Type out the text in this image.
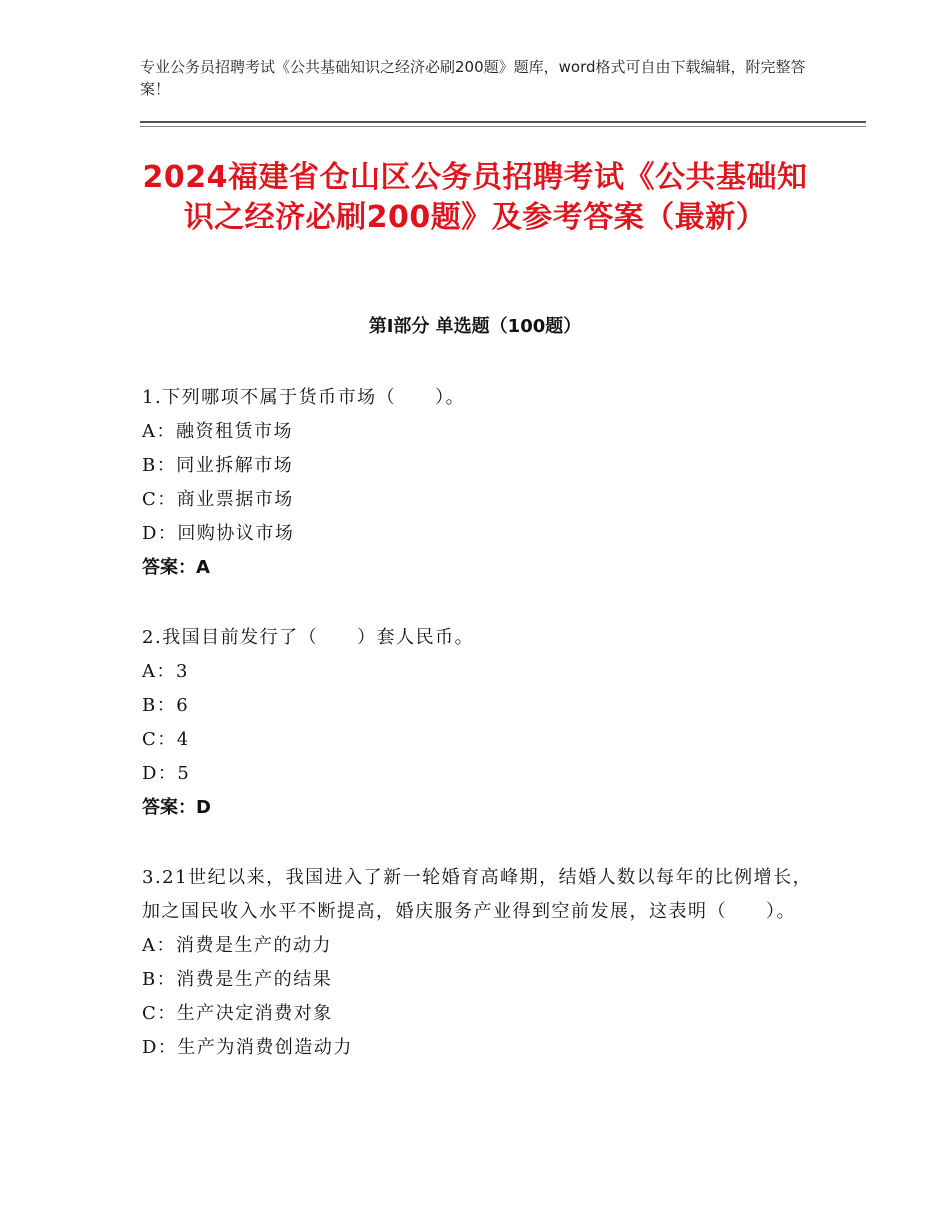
专业公务员招聘考试《公共基础知识之经济必刷200题》题库，word格式可自由下载编辑，附完整答案！
2024福建省仓山区公务员招聘考试《公共基础知识之经济必刷200题》及参考答案（最新）
第Ⅰ部分 单选题（100题）
1.下列哪项不属于货币市场（　　）。
A：融资租赁市场
B：同业拆解市场
C：商业票据市场
D：回购协议市场
答案：A
2.我国目前发行了（　　）套人民币。
A：3
B：6
C：4
D：5
答案：D
3.21世纪以来，我国进入了新一轮婚育高峰期，结婚人数以每年的比例增长，加之国民收入水平不断提高，婚庆服务产业得到空前发展，这表明（　　）。
A：消费是生产的动力
B：消费是生产的结果
C：生产决定消费对象
D：生产为消费创造动力
